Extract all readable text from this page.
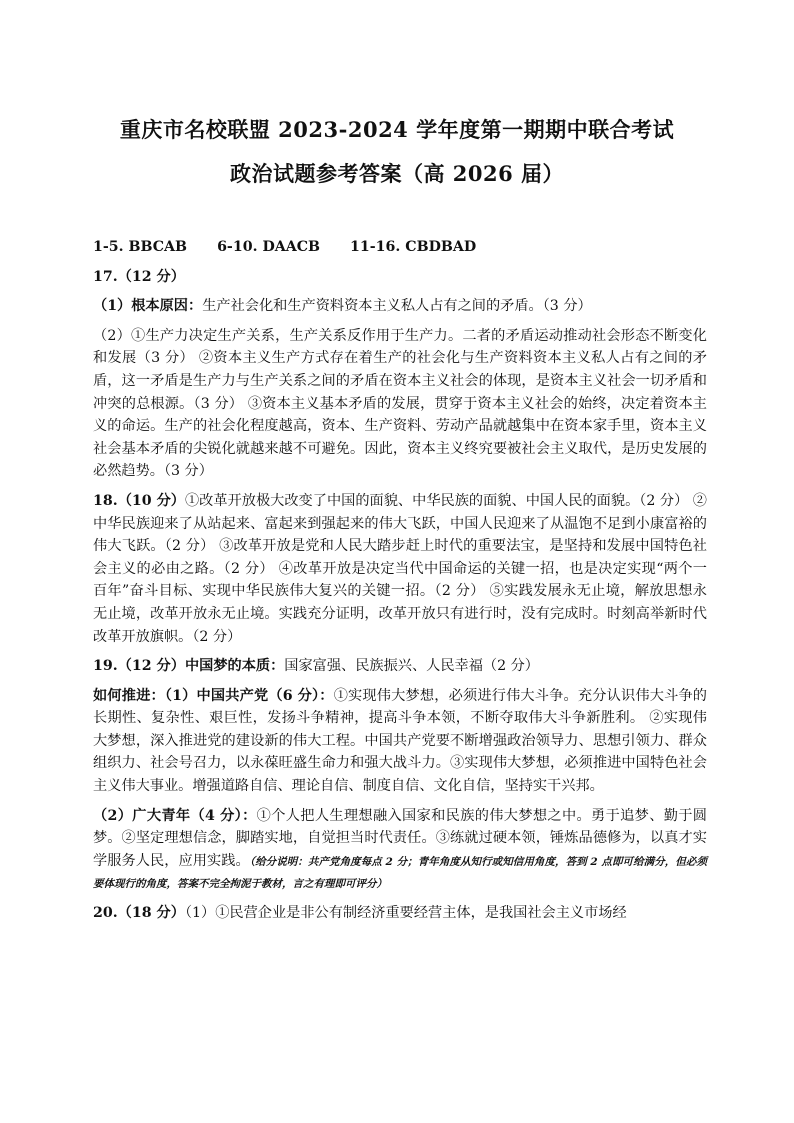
重庆市名校联盟 2023-2024 学年度第一期期中联合考试
政治试题参考答案（高 2026 届）

1-5. BBCAB 6-10. DAACB 11-16. CBDBAD

17.（12 分）

（1）根本原因：生产社会化和生产资料资本主义私人占有之间的矛盾。（3 分）

（2）①生产力决定生产关系，生产关系反作用于生产力。二者的矛盾运动推动社会形态不断变化和发展（3 分） ②资本主义生产方式存在着生产的社会化与生产资料资本主义私人占有之间的矛盾，这一矛盾是生产力与生产关系之间的矛盾在资本主义社会的体现，是资本主义社会一切矛盾和冲突的总根源。（3 分） ③资本主义基本矛盾的发展，贯穿于资本主义社会的始终，决定着资本主义的命运。生产的社会化程度越高，资本、生产资料、劳动产品就越集中在资本家手里，资本主义社会基本矛盾的尖锐化就越来越不可避免。因此，资本主义终究要被社会主义取代，是历史发展的必然趋势。（3 分）

18.（10 分）①改革开放极大改变了中国的面貌、中华民族的面貌、中国人民的面貌。（2 分） ②中华民族迎来了从站起来、富起来到强起来的伟大飞跃，中国人民迎来了从温饱不足到小康富裕的伟大飞跃。（2 分） ③改革开放是党和人民大踏步赶上时代的重要法宝，是坚持和发展中国特色社会主义的必由之路。（2 分） ④改革开放是决定当代中国命运的关键一招，也是决定实现“两个一百年”奋斗目标、实现中华民族伟大复兴的关键一招。（2 分） ⑤实践发展永无止境，解放思想永无止境，改革开放永无止境。实践充分证明，改革开放只有进行时，没有完成时。时刻高举新时代改革开放旗帜。（2 分）

19.（12 分）中国梦的本质：国家富强、民族振兴、人民幸福（2 分）

如何推进：（1）中国共产党（6 分）：①实现伟大梦想，必须进行伟大斗争。充分认识伟大斗争的长期性、复杂性、艰巨性，发扬斗争精神，提高斗争本领，不断夺取伟大斗争新胜利。 ②实现伟大梦想，深入推进党的建设新的伟大工程。中国共产党要不断增强政治领导力、思想引领力、群众组织力、社会号召力，以永葆旺盛生命力和强大战斗力。③实现伟大梦想，必须推进中国特色社会主义伟大事业。增强道路自信、理论自信、制度自信、文化自信，坚持实干兴邦。

（2）广大青年（4 分）：①个人把人生理想融入国家和民族的伟大梦想之中。勇于追梦、勤于圆梦。②坚定理想信念，脚踏实地，自觉担当时代责任。③练就过硬本领，锤炼品德修为，以真才实学服务人民，应用实践。（给分说明：共产党角度每点 2 分；青年角度从知行或知信用角度，答到 2 点即可给满分，但必须要体现行的角度，答案不完全拘泥于教材，言之有理即可评分）

20.（18 分）（1）①民营企业是非公有制经济重要经营主体，是我国社会主义市场经
